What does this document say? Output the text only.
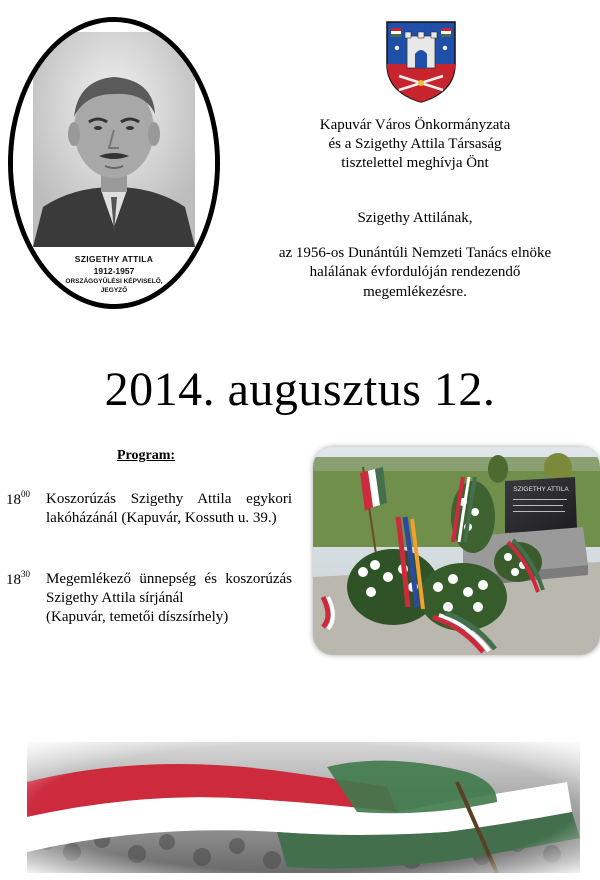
SZIGETHY ATTILA
1912-1957
ORSZÁGGYŰLÉSI KÉPVISELŐ,
JEGYZŐ
Kapuvár Város Önkormányzata
és a Szigethy Attila Társaság
tisztelettel meghívja Önt
Szigethy Attilának,
az 1956-os Dunántúli Nemzeti Tanács elnöke
halálának évfordulóján rendezendő
megemlékezésre.
2014. augusztus 12.
Program:
$18^{00}$ Koszorúzás Szigethy Attila egykori
lakóházánál (Kapuvár, Kossuth u. 39.)
$18^{30}$ Megemlékező ünnepség és koszorúzás
Szigethy Attila sírjánál
(Kapuvár, temetői díszsírhely)
SZIGETHY ATTILA
